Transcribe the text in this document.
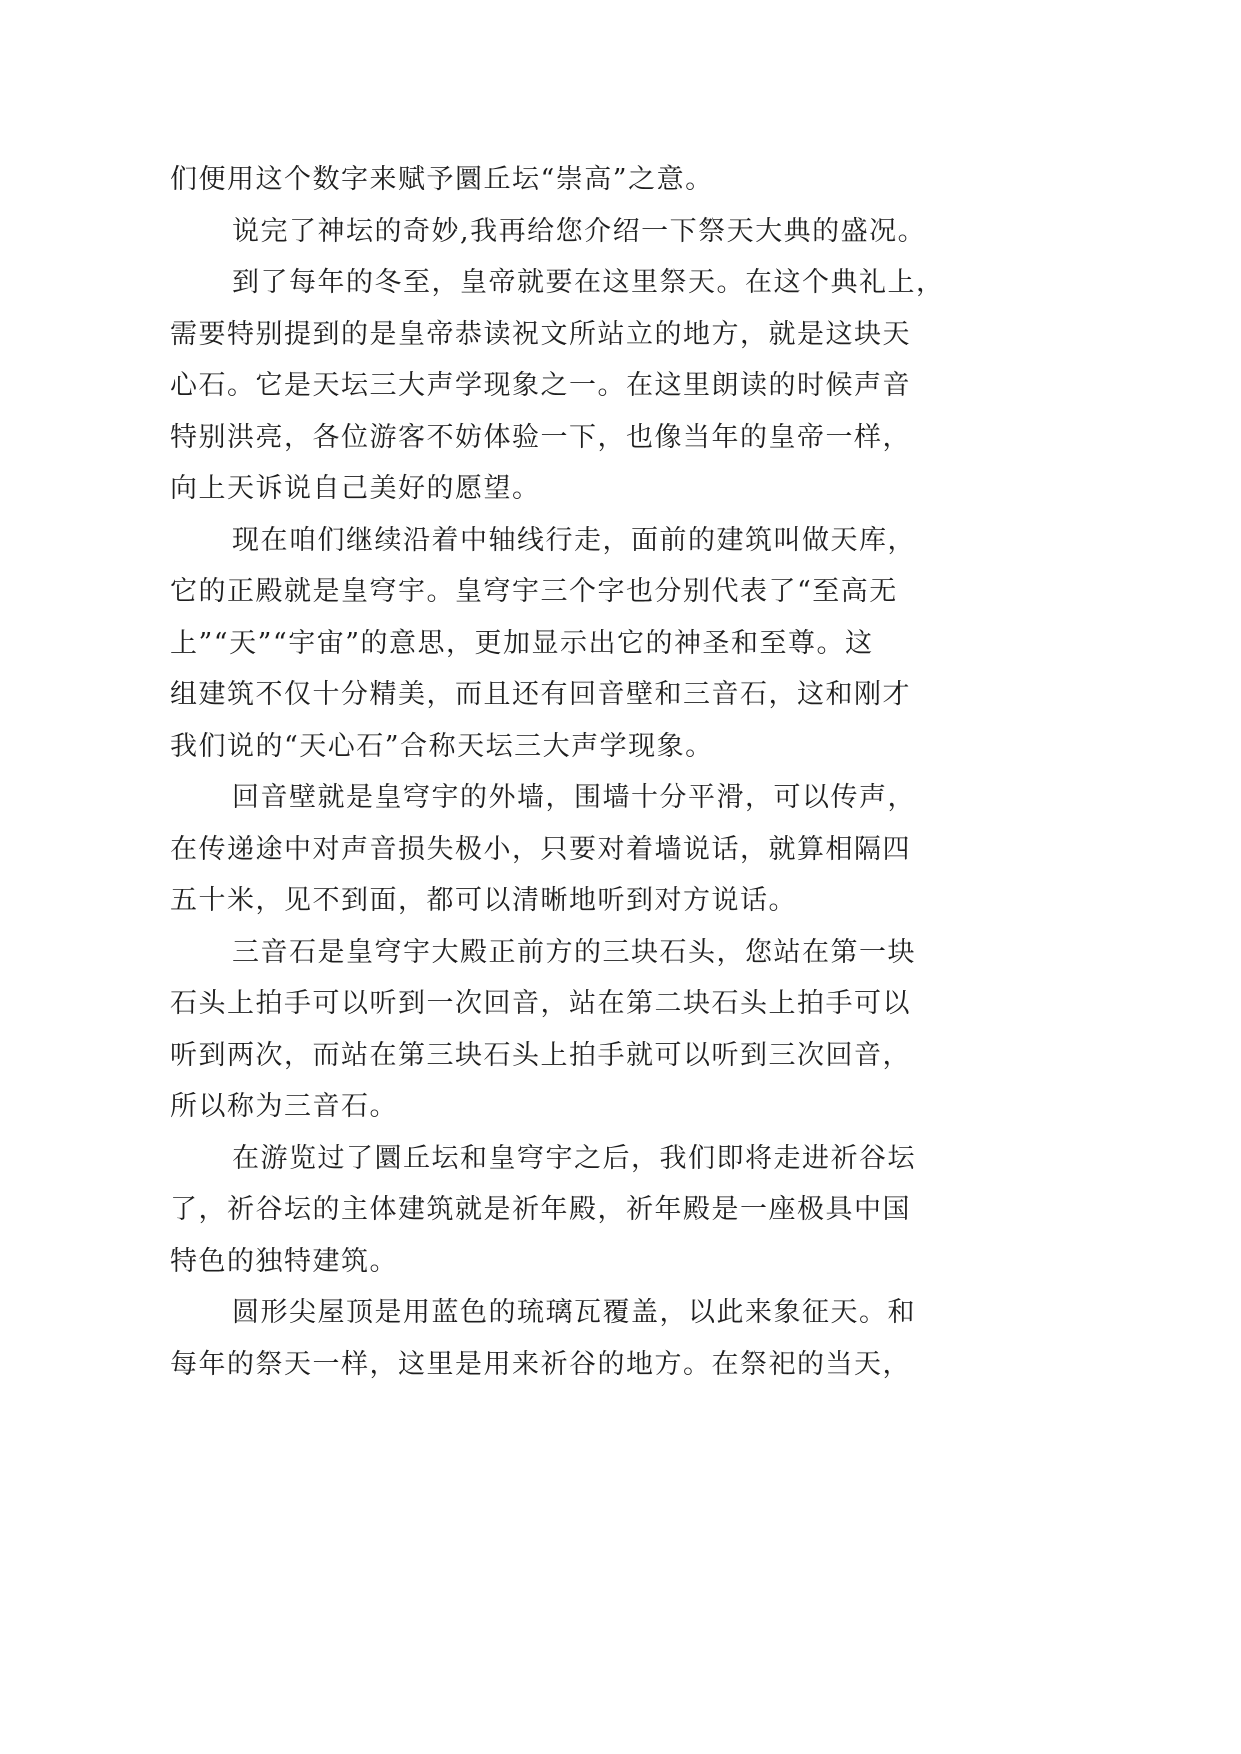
们便用这个数字来赋予圜丘坛“崇高”之意。
说完了神坛的奇妙,我再给您介绍一下祭天大典的盛况。
到了每年的冬至，皇帝就要在这里祭天。在这个典礼上，
需要特别提到的是皇帝恭读祝文所站立的地方，就是这块天
心石。它是天坛三大声学现象之一。在这里朗读的时候声音
特别洪亮，各位游客不妨体验一下，也像当年的皇帝一样，
向上天诉说自己美好的愿望。
现在咱们继续沿着中轴线行走，面前的建筑叫做天库，
它的正殿就是皇穹宇。皇穹宇三个字也分别代表了“至高无
上”“天”“宇宙”的意思，更加显示出它的神圣和至尊。这
组建筑不仅十分精美，而且还有回音壁和三音石，这和刚才
我们说的“天心石”合称天坛三大声学现象。
回音壁就是皇穹宇的外墙，围墙十分平滑，可以传声，
在传递途中对声音损失极小，只要对着墙说话，就算相隔四
五十米，见不到面，都可以清晰地听到对方说话。
三音石是皇穹宇大殿正前方的三块石头，您站在第一块
石头上拍手可以听到一次回音，站在第二块石头上拍手可以
听到两次，而站在第三块石头上拍手就可以听到三次回音，
所以称为三音石。
在游览过了圜丘坛和皇穹宇之后，我们即将走进祈谷坛
了，祈谷坛的主体建筑就是祈年殿，祈年殿是一座极具中国
特色的独特建筑。
圆形尖屋顶是用蓝色的琉璃瓦覆盖，以此来象征天。和
每年的祭天一样，这里是用来祈谷的地方。在祭祀的当天，
